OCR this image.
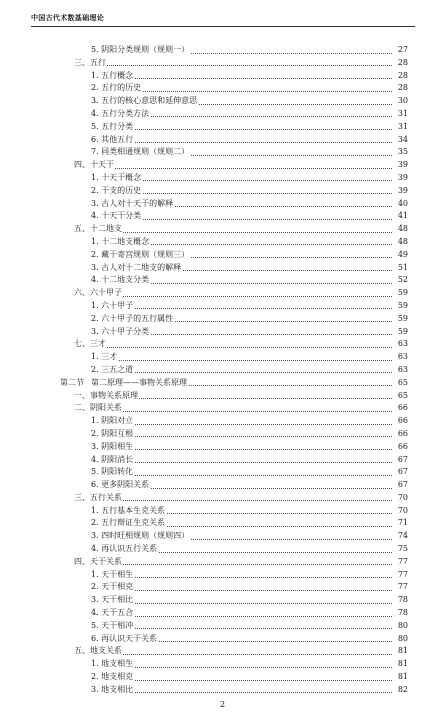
中国古代术数基础理论
5. 阴阳分类规则（规则一）	27
三、五行	28
1. 五行概念	28
2. 五行的历史	28
3. 五行的核心意思和延伸意思	30
4. 五行分类方法	31
5. 五行分类	31
6. 其他五行	34
7. 同类相通规则（规则二）	35
四、十天干	39
1. 十天干概念	39
2. 干支的历史	39
3. 古人对十天干的解释	40
4. 十天干分类	41
五、十二地支	48
1. 十二地支概念	48
2. 藏干寄宫规则（规则三）	49
3. 古人对十二地支的解释	51
4. 十二地支分类	52
六、六十甲子	59
1. 六十甲子	59
2. 六十甲子的五行属性	59
3. 六十甲子分类	59
七、三才	63
1. 三才	63
2. 三五之道	63
第二节 第二原理——事物关系原理	65
一、事物关系原理	65
二、阴阳关系	66
1. 阴阳对立	66
2. 阴阳互根	66
3. 阴阳相生	66
4. 阴阳消长	67
5. 阴阳转化	67
6. 更多阴阳关系	67
三、五行关系	70
1. 五行基本生克关系	70
2. 五行辩证生克关系	71
3. 四时旺相规则（规则四）	74
4. 再认识五行关系	75
四、天干关系	77
1. 天干相生	77
2. 天干相克	77
3. 天干相比	78
4. 天干五合	78
5. 天干相冲	80
6. 再认识天干关系	80
五、地支关系	81
1. 地支相生	81
2. 地支相克	81
3. 地支相比	82
2
